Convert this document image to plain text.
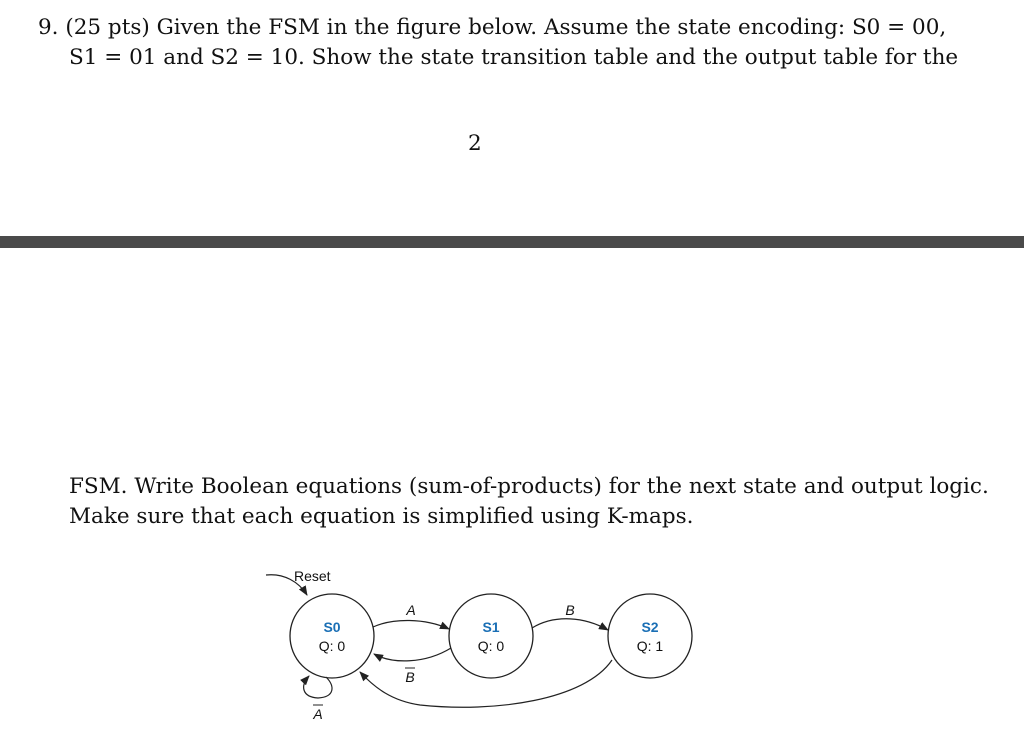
9. (25 pts) Given the FSM in the figure below. Assume the state encoding: S0 = 00,
S1 = 01 and S2 = 10. Show the state transition table and the output table for the
2
FSM. Write Boolean equations (sum-of-products) for the next state and output logic.
Make sure that each equation is simplified using K-maps.
Reset
S0
Q: 0
S1
Q: 0
S2
Q: 1
A
B
B
A
